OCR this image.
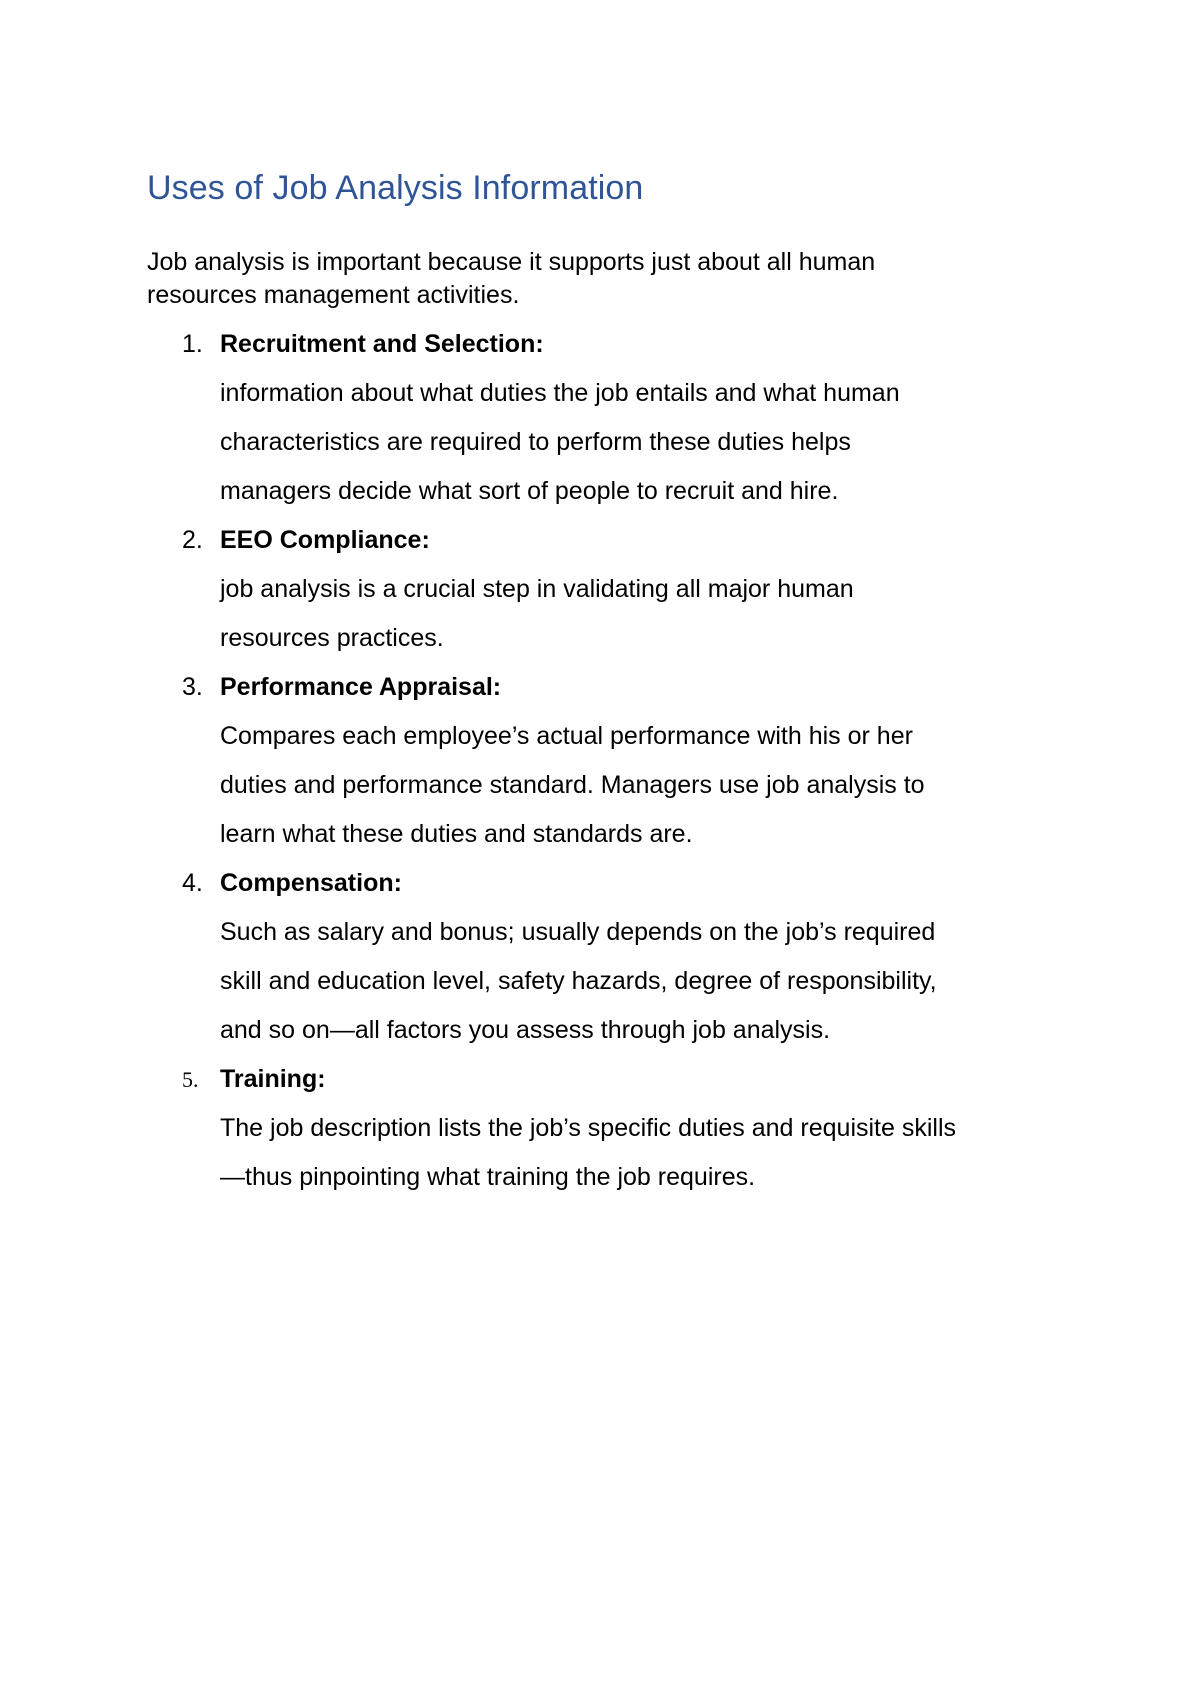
Uses of Job Analysis Information

Job analysis is important because it supports just about all human
resources management activities.

1. Recruitment and Selection:
information about what duties the job entails and what human
characteristics are required to perform these duties helps
managers decide what sort of people to recruit and hire.
2. EEO Compliance:
job analysis is a crucial step in validating all major human
resources practices.
3. Performance Appraisal:
Compares each employee’s actual performance with his or her
duties and performance standard. Managers use job analysis to
learn what these duties and standards are.
4. Compensation:
Such as salary and bonus; usually depends on the job’s required
skill and education level, safety hazards, degree of responsibility,
and so on—all factors you assess through job analysis.
5. Training:
The job description lists the job’s specific duties and requisite skills
—thus pinpointing what training the job requires.
